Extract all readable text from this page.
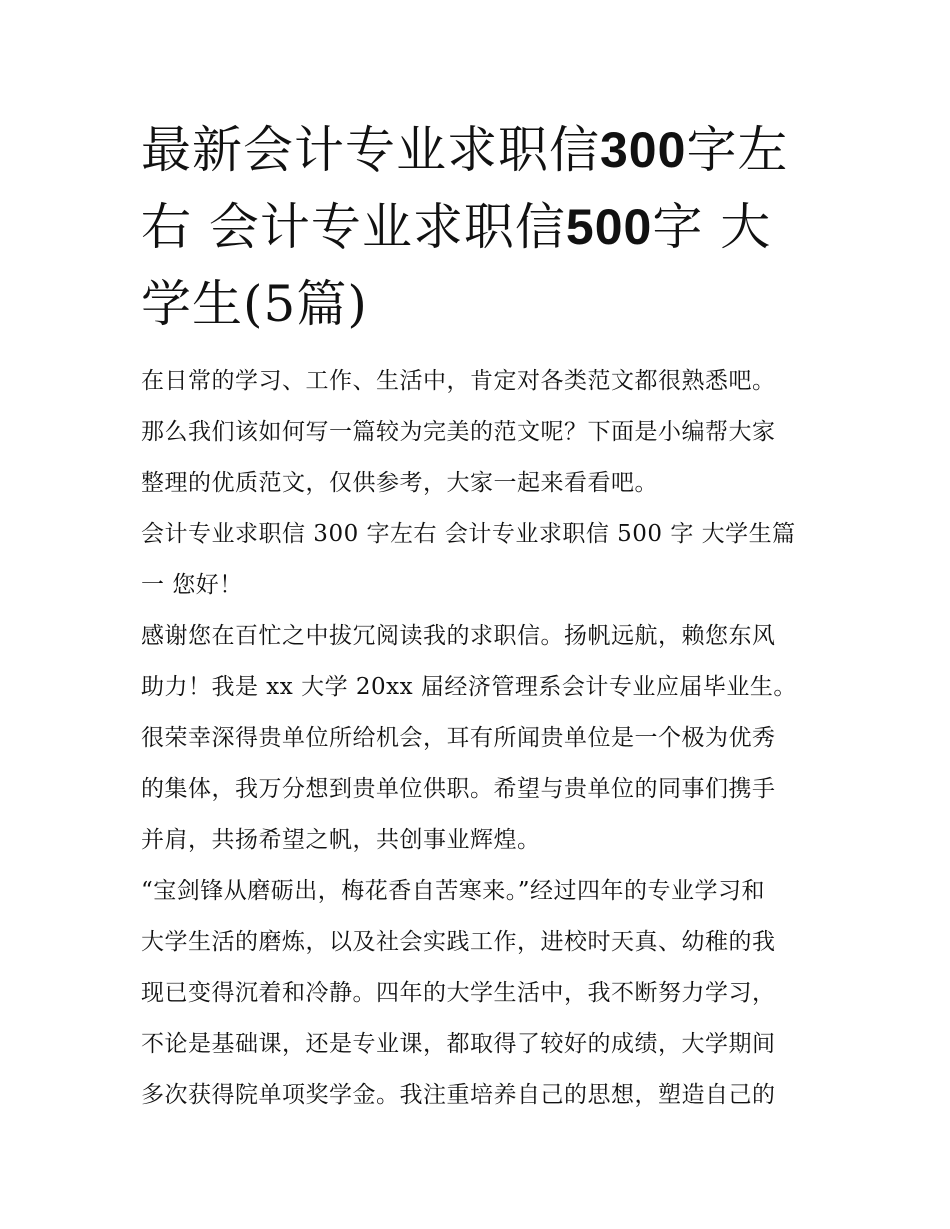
最新会计专业求职信300字左
右 会计专业求职信500字 大
学生(5篇)

在日常的学习、工作、生活中，肯定对各类范文都很熟悉吧。

那么我们该如何写一篇较为完美的范文呢？下面是小编帮大家

整理的优质范文，仅供参考，大家一起来看看吧。

会计专业求职信 300 字左右 会计专业求职信 500 字 大学生篇

一 您好！

感谢您在百忙之中拔冗阅读我的求职信。扬帆远航，赖您东风

助力！我是 xx 大学 20xx 届经济管理系会计专业应届毕业生。

很荣幸深得贵单位所给机会，耳有所闻贵单位是一个极为优秀

的集体，我万分想到贵单位供职。希望与贵单位的同事们携手

并肩，共扬希望之帆，共创事业辉煌。

“宝剑锋从磨砺出，梅花香自苦寒来。”经过四年的专业学习和

大学生活的磨炼，以及社会实践工作，进校时天真、幼稚的我

现已变得沉着和冷静。四年的大学生活中，我不断努力学习，

不论是基础课，还是专业课，都取得了较好的成绩，大学期间

多次获得院单项奖学金。我注重培养自己的思想，塑造自己的
